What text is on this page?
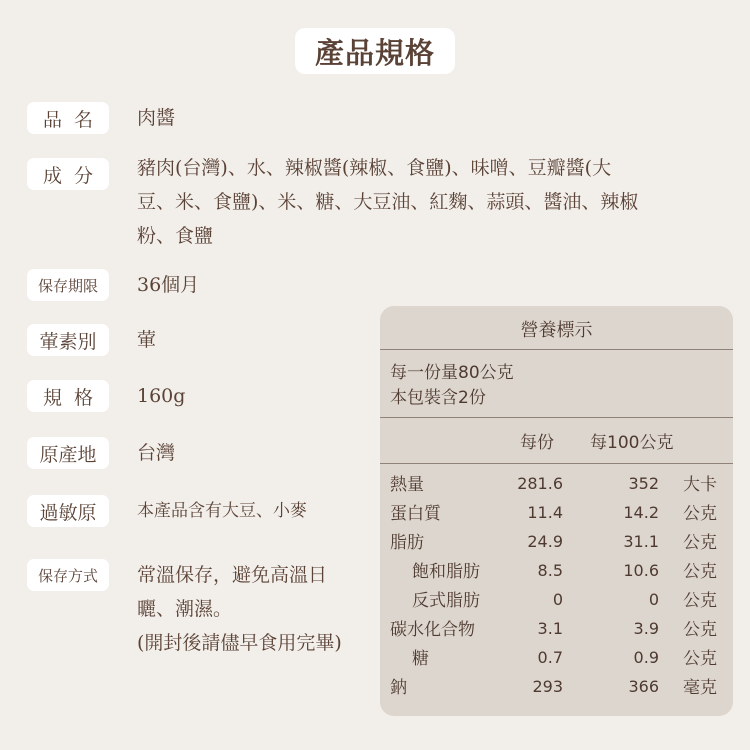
產品規格
品名 肉醬
成分 豬肉(台灣)、水、辣椒醬(辣椒、食鹽)、味噌、豆瓣醬(大
豆、米、食鹽)、米、糖、大豆油、紅麴、蒜頭、醬油、辣椒
粉、食鹽
保存期限	36個月
葷素別	葷
規格 160g
原產地	台灣
過敏原	本產品含有大豆、小麥
保存方式	常溫保存，避免高溫日
曬、潮濕。
(開封後請儘早食用完畢)
營養標示
每一份量80公克
本包裝含2份
每份 每100公克
熱量	281.6	352 大卡
蛋白質	11.4	14.2 公克
脂肪	24.9	31.1 公克
飽和脂肪	8.5	10.6 公克
反式脂肪	0	0 公克
碳水化合物	3.1	3.9 公克
糖	0.7	0.9 公克
鈉	293	366 毫克
